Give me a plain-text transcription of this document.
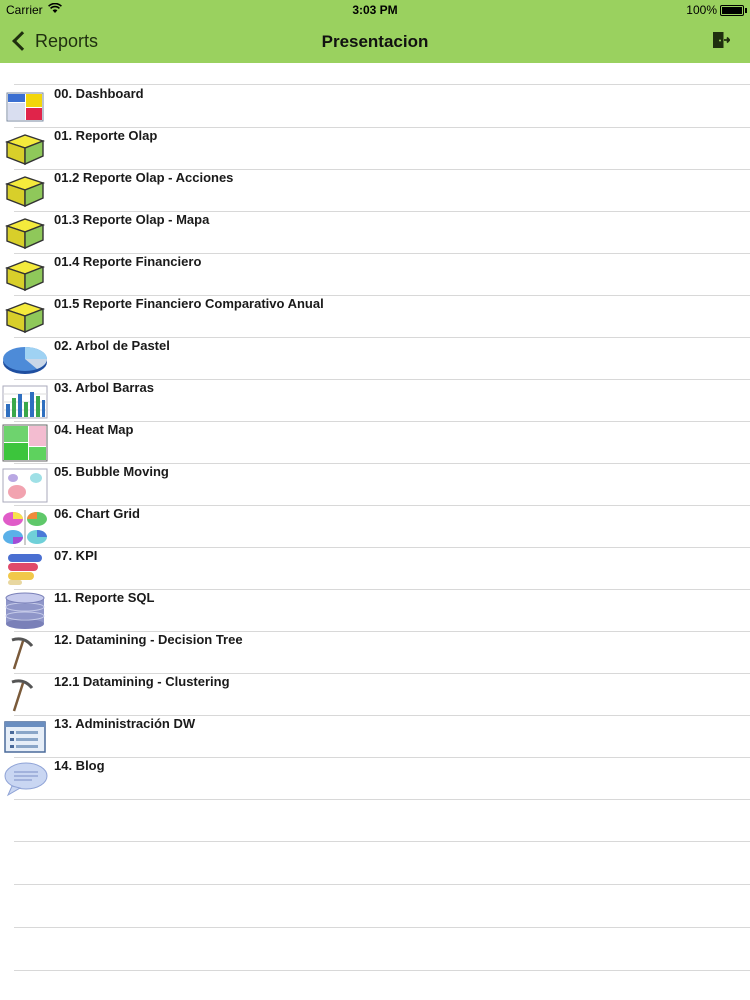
Carrier	3:03 PM	100%
Reports	Presentacion
00. Dashboard
01. Reporte Olap
01.2 Reporte Olap - Acciones
01.3 Reporte Olap - Mapa
01.4 Reporte Financiero
01.5 Reporte Financiero Comparativo Anual
02. Arbol de Pastel
03. Arbol Barras
04. Heat Map
05. Bubble Moving
06. Chart Grid
07. KPI
11. Reporte SQL
12. Datamining - Decision Tree
12.1 Datamining - Clustering
13. Administración DW
14. Blog
